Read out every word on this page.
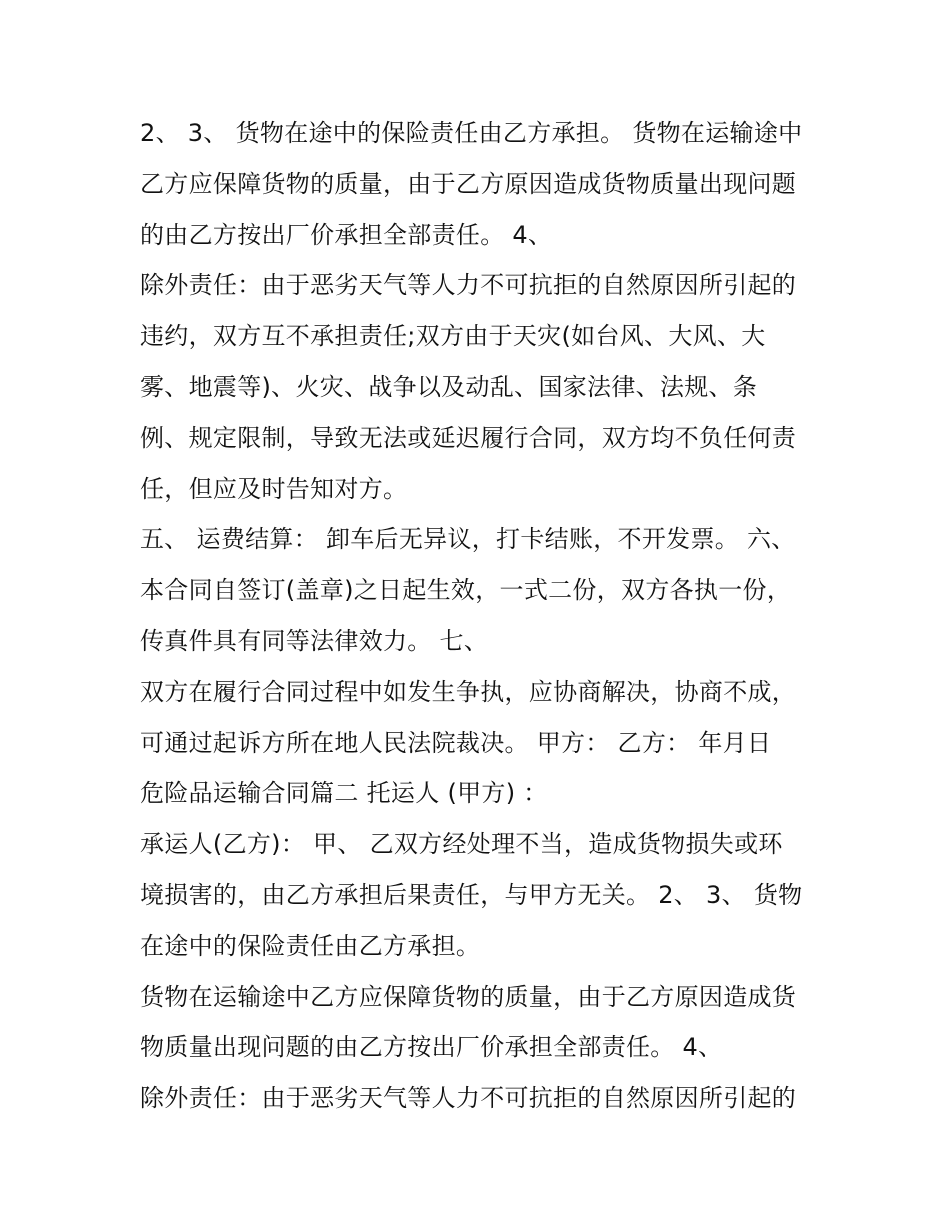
2、 3、 货物在途中的保险责任由乙方承担。 货物在运输途中
乙方应保障货物的质量，由于乙方原因造成货物质量出现问题
的由乙方按出厂价承担全部责任。 4、
除外责任：由于恶劣天气等人力不可抗拒的自然原因所引起的
违约，双方互不承担责任;双方由于天灾(如台风、大风、大
雾、地震等)、火灾、战争以及动乱、国家法律、法规、条
例、规定限制，导致无法或延迟履行合同，双方均不负任何责
任，但应及时告知对方。
五、 运费结算： 卸车后无异议，打卡结账，不开发票。 六、
本合同自签订(盖章)之日起生效，一式二份，双方各执一份，
传真件具有同等法律效力。 七、
双方在履行合同过程中如发生争执，应协商解决，协商不成，
可通过起诉方所在地人民法院裁决。 甲方： 乙方： 年月日
危险品运输合同篇二 托运人 (甲方) ：
承运人(乙方)： 甲、 乙双方经处理不当，造成货物损失或环
境损害的，由乙方承担后果责任，与甲方无关。 2、 3、 货物
在途中的保险责任由乙方承担。
货物在运输途中乙方应保障货物的质量，由于乙方原因造成货
物质量出现问题的由乙方按出厂价承担全部责任。 4、
除外责任：由于恶劣天气等人力不可抗拒的自然原因所引起的
